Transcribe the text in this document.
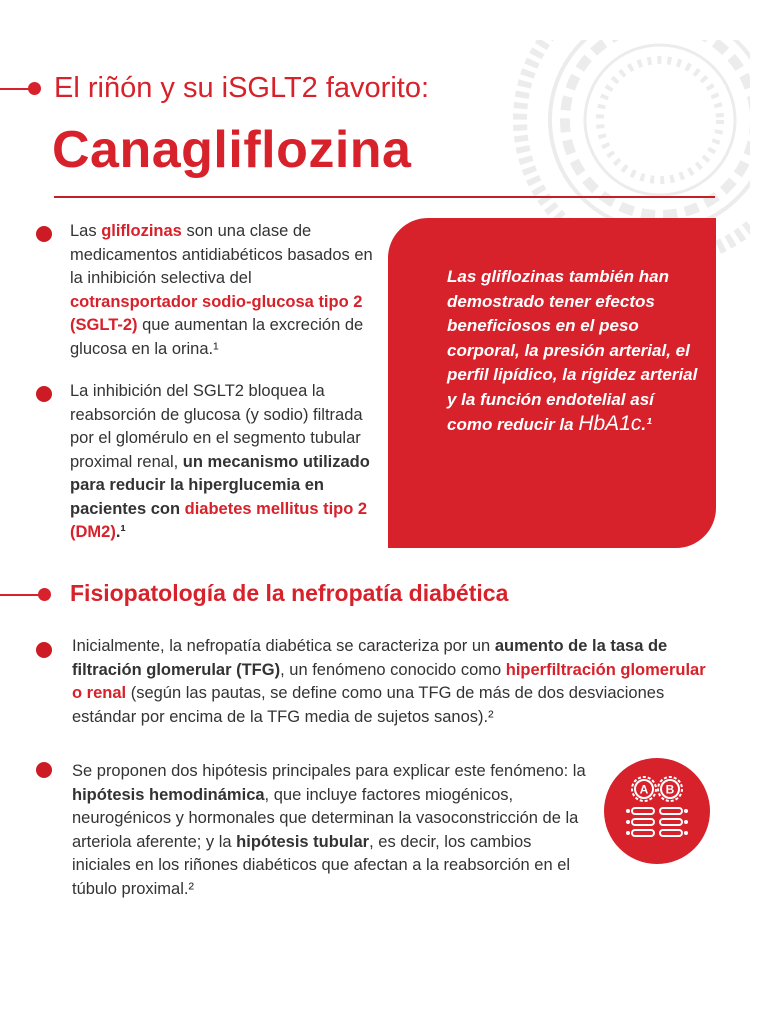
El riñón y su iSGLT2 favorito:
Canagliflozina
Las gliflozinas son una clase de medicamentos antidiabéticos basados en la inhibición selectiva del cotransportador sodio-glucosa tipo 2 (SGLT-2) que aumentan la excreción de glucosa en la orina.¹
La inhibición del SGLT2 bloquea la reabsorción de glucosa (y sodio) filtrada por el glomérulo en el segmento tubular proximal renal, un mecanismo utilizado para reducir la hiperglucemia en pacientes con diabetes mellitus tipo 2 (DM2).¹
Las gliflozinas también han demostrado tener efectos beneficiosos en el peso corporal, la presión arterial, el perfil lipídico, la rigidez arterial y la función endotelial así como reducir la HbA1c.¹
Fisiopatología de la nefropatía diabética
Inicialmente, la nefropatía diabética se caracteriza por un aumento de la tasa de filtración glomerular (TFG), un fenómeno conocido como hiperfiltración glomerular o renal (según las pautas, se define como una TFG de más de dos desviaciones estándar por encima de la TFG media de sujetos sanos).²
Se proponen dos hipótesis principales para explicar este fenómeno: la hipótesis hemodinámica, que incluye factores miogénicos, neurogénicos y hormonales que determinan la vasoconstricción de la arteriola aferente; y la hipótesis tubular, es decir, los cambios iniciales en los riñones diabéticos que afectan a la reabsorción en el túbulo proximal.²
A B
